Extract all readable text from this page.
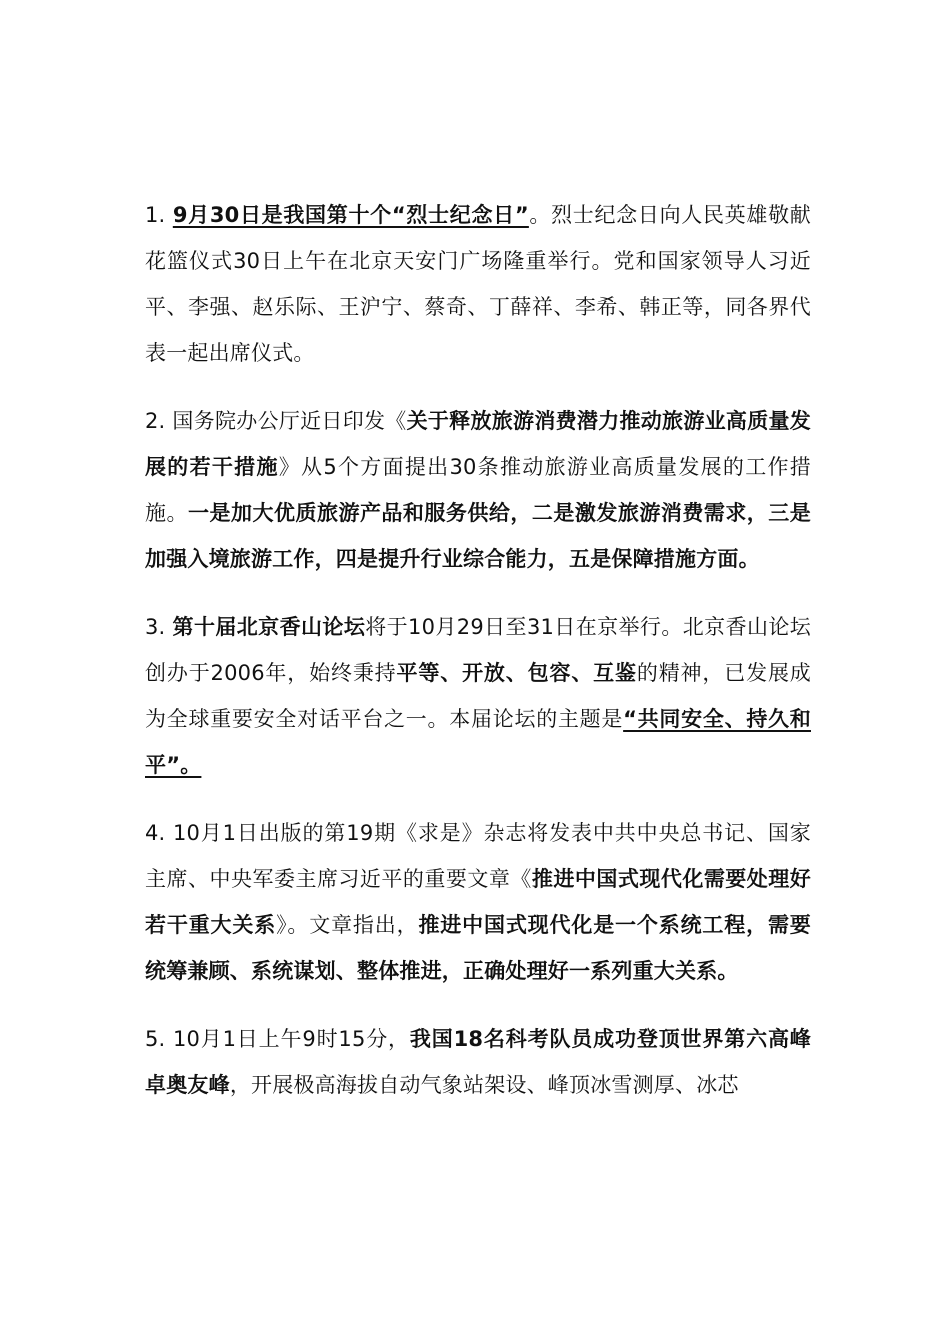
1. 9月30日是我国第十个“烈士纪念日”。烈士纪念日向人民英雄敬献花篮仪式30日上午在北京天安门广场隆重举行。党和国家领导人习近平、李强、赵乐际、王沪宁、蔡奇、丁薛祥、李希、韩正等，同各界代表一起出席仪式。

2. 国务院办公厅近日印发《关于释放旅游消费潜力推动旅游业高质量发展的若干措施》从5个方面提出30条推动旅游业高质量发展的工作措施。一是加大优质旅游产品和服务供给，二是激发旅游消费需求，三是加强入境旅游工作，四是提升行业综合能力，五是保障措施方面。

3. 第十届北京香山论坛将于10月29日至31日在京举行。北京香山论坛创办于2006年，始终秉持平等、开放、包容、互鉴的精神，已发展成为全球重要安全对话平台之一。本届论坛的主题是“共同安全、持久和平”。

4. 10月1日出版的第19期《求是》杂志将发表中共中央总书记、国家主席、中央军委主席习近平的重要文章《推进中国式现代化需要处理好若干重大关系》。文章指出，推进中国式现代化是一个系统工程，需要统筹兼顾、系统谋划、整体推进，正确处理好一系列重大关系。

5. 10月1日上午9时15分，我国18名科考队员成功登顶世界第六高峰卓奥友峰，开展极高海拔自动气象站架设、峰顶冰雪测厚、冰芯
